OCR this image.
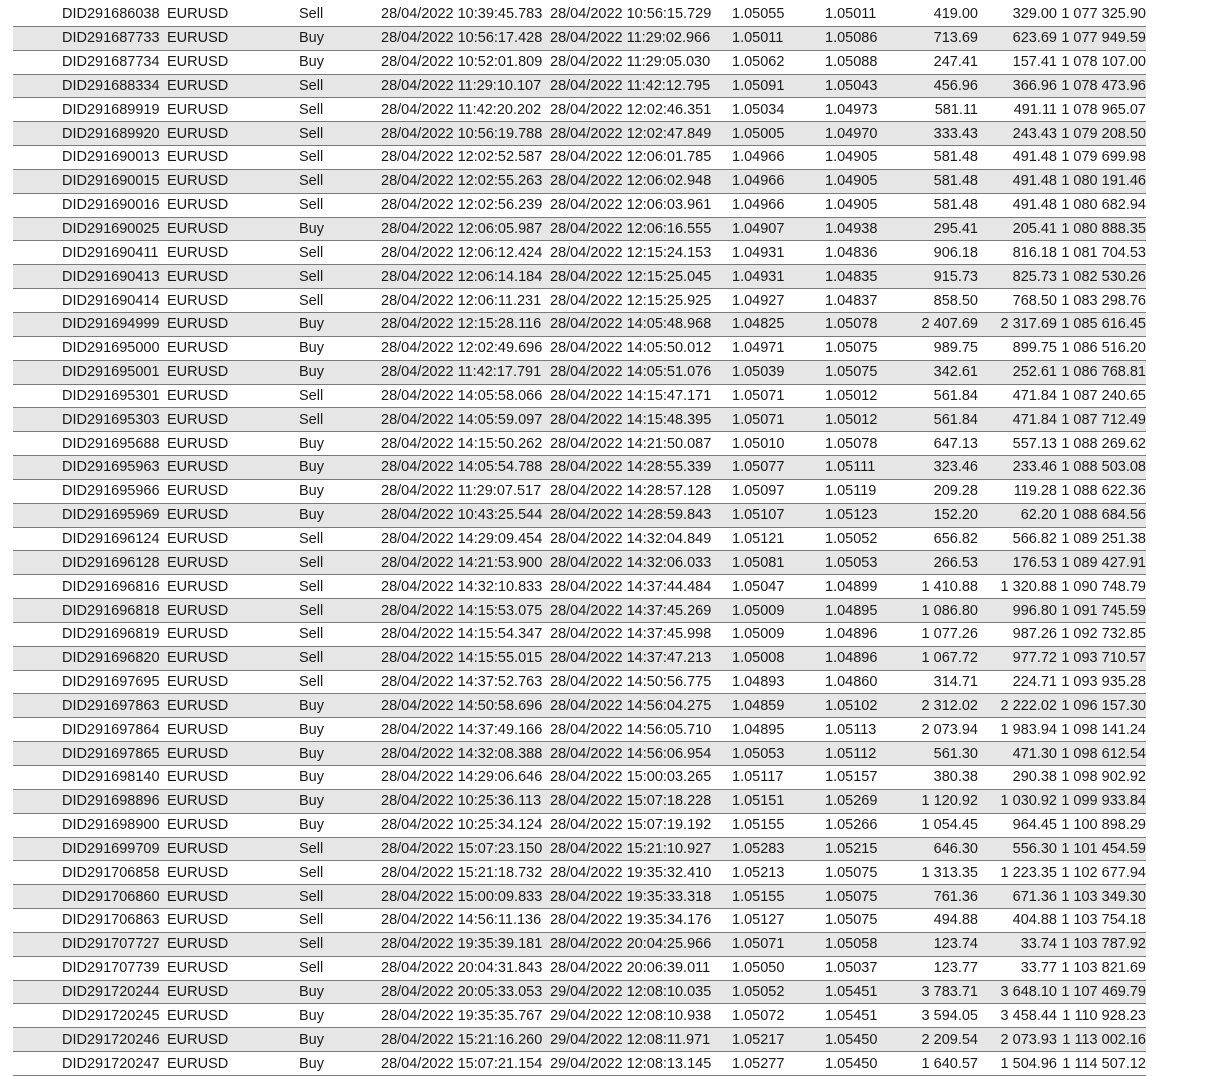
DID291686038	EURUSD	Sell	28/04/2022 10:39:45.783	28/04/2022 10:56:15.729	1.05055	1.05011	419.00	329.00	1 077 325.90
DID291687733	EURUSD	Buy	28/04/2022 10:56:17.428	28/04/2022 11:29:02.966	1.05011	1.05086	713.69	623.69	1 077 949.59
DID291687734	EURUSD	Buy	28/04/2022 10:52:01.809	28/04/2022 11:29:05.030	1.05062	1.05088	247.41	157.41	1 078 107.00
DID291688334	EURUSD	Sell	28/04/2022 11:29:10.107	28/04/2022 11:42:12.795	1.05091	1.05043	456.96	366.96	1 078 473.96
DID291689919	EURUSD	Sell	28/04/2022 11:42:20.202	28/04/2022 12:02:46.351	1.05034	1.04973	581.11	491.11	1 078 965.07
DID291689920	EURUSD	Sell	28/04/2022 10:56:19.788	28/04/2022 12:02:47.849	1.05005	1.04970	333.43	243.43	1 079 208.50
DID291690013	EURUSD	Sell	28/04/2022 12:02:52.587	28/04/2022 12:06:01.785	1.04966	1.04905	581.48	491.48	1 079 699.98
DID291690015	EURUSD	Sell	28/04/2022 12:02:55.263	28/04/2022 12:06:02.948	1.04966	1.04905	581.48	491.48	1 080 191.46
DID291690016	EURUSD	Sell	28/04/2022 12:02:56.239	28/04/2022 12:06:03.961	1.04966	1.04905	581.48	491.48	1 080 682.94
DID291690025	EURUSD	Buy	28/04/2022 12:06:05.987	28/04/2022 12:06:16.555	1.04907	1.04938	295.41	205.41	1 080 888.35
DID291690411	EURUSD	Sell	28/04/2022 12:06:12.424	28/04/2022 12:15:24.153	1.04931	1.04836	906.18	816.18	1 081 704.53
DID291690413	EURUSD	Sell	28/04/2022 12:06:14.184	28/04/2022 12:15:25.045	1.04931	1.04835	915.73	825.73	1 082 530.26
DID291690414	EURUSD	Sell	28/04/2022 12:06:11.231	28/04/2022 12:15:25.925	1.04927	1.04837	858.50	768.50	1 083 298.76
DID291694999	EURUSD	Buy	28/04/2022 12:15:28.116	28/04/2022 14:05:48.968	1.04825	1.05078	2 407.69	2 317.69	1 085 616.45
DID291695000	EURUSD	Buy	28/04/2022 12:02:49.696	28/04/2022 14:05:50.012	1.04971	1.05075	989.75	899.75	1 086 516.20
DID291695001	EURUSD	Buy	28/04/2022 11:42:17.791	28/04/2022 14:05:51.076	1.05039	1.05075	342.61	252.61	1 086 768.81
DID291695301	EURUSD	Sell	28/04/2022 14:05:58.066	28/04/2022 14:15:47.171	1.05071	1.05012	561.84	471.84	1 087 240.65
DID291695303	EURUSD	Sell	28/04/2022 14:05:59.097	28/04/2022 14:15:48.395	1.05071	1.05012	561.84	471.84	1 087 712.49
DID291695688	EURUSD	Buy	28/04/2022 14:15:50.262	28/04/2022 14:21:50.087	1.05010	1.05078	647.13	557.13	1 088 269.62
DID291695963	EURUSD	Buy	28/04/2022 14:05:54.788	28/04/2022 14:28:55.339	1.05077	1.05111	323.46	233.46	1 088 503.08
DID291695966	EURUSD	Buy	28/04/2022 11:29:07.517	28/04/2022 14:28:57.128	1.05097	1.05119	209.28	119.28	1 088 622.36
DID291695969	EURUSD	Buy	28/04/2022 10:43:25.544	28/04/2022 14:28:59.843	1.05107	1.05123	152.20	62.20	1 088 684.56
DID291696124	EURUSD	Sell	28/04/2022 14:29:09.454	28/04/2022 14:32:04.849	1.05121	1.05052	656.82	566.82	1 089 251.38
DID291696128	EURUSD	Sell	28/04/2022 14:21:53.900	28/04/2022 14:32:06.033	1.05081	1.05053	266.53	176.53	1 089 427.91
DID291696816	EURUSD	Sell	28/04/2022 14:32:10.833	28/04/2022 14:37:44.484	1.05047	1.04899	1 410.88	1 320.88	1 090 748.79
DID291696818	EURUSD	Sell	28/04/2022 14:15:53.075	28/04/2022 14:37:45.269	1.05009	1.04895	1 086.80	996.80	1 091 745.59
DID291696819	EURUSD	Sell	28/04/2022 14:15:54.347	28/04/2022 14:37:45.998	1.05009	1.04896	1 077.26	987.26	1 092 732.85
DID291696820	EURUSD	Sell	28/04/2022 14:15:55.015	28/04/2022 14:37:47.213	1.05008	1.04896	1 067.72	977.72	1 093 710.57
DID291697695	EURUSD	Sell	28/04/2022 14:37:52.763	28/04/2022 14:50:56.775	1.04893	1.04860	314.71	224.71	1 093 935.28
DID291697863	EURUSD	Buy	28/04/2022 14:50:58.696	28/04/2022 14:56:04.275	1.04859	1.05102	2 312.02	2 222.02	1 096 157.30
DID291697864	EURUSD	Buy	28/04/2022 14:37:49.166	28/04/2022 14:56:05.710	1.04895	1.05113	2 073.94	1 983.94	1 098 141.24
DID291697865	EURUSD	Buy	28/04/2022 14:32:08.388	28/04/2022 14:56:06.954	1.05053	1.05112	561.30	471.30	1 098 612.54
DID291698140	EURUSD	Buy	28/04/2022 14:29:06.646	28/04/2022 15:00:03.265	1.05117	1.05157	380.38	290.38	1 098 902.92
DID291698896	EURUSD	Buy	28/04/2022 10:25:36.113	28/04/2022 15:07:18.228	1.05151	1.05269	1 120.92	1 030.92	1 099 933.84
DID291698900	EURUSD	Buy	28/04/2022 10:25:34.124	28/04/2022 15:07:19.192	1.05155	1.05266	1 054.45	964.45	1 100 898.29
DID291699709	EURUSD	Sell	28/04/2022 15:07:23.150	28/04/2022 15:21:10.927	1.05283	1.05215	646.30	556.30	1 101 454.59
DID291706858	EURUSD	Sell	28/04/2022 15:21:18.732	28/04/2022 19:35:32.410	1.05213	1.05075	1 313.35	1 223.35	1 102 677.94
DID291706860	EURUSD	Sell	28/04/2022 15:00:09.833	28/04/2022 19:35:33.318	1.05155	1.05075	761.36	671.36	1 103 349.30
DID291706863	EURUSD	Sell	28/04/2022 14:56:11.136	28/04/2022 19:35:34.176	1.05127	1.05075	494.88	404.88	1 103 754.18
DID291707727	EURUSD	Sell	28/04/2022 19:35:39.181	28/04/2022 20:04:25.966	1.05071	1.05058	123.74	33.74	1 103 787.92
DID291707739	EURUSD	Sell	28/04/2022 20:04:31.843	28/04/2022 20:06:39.011	1.05050	1.05037	123.77	33.77	1 103 821.69
DID291720244	EURUSD	Buy	28/04/2022 20:05:33.053	29/04/2022 12:08:10.035	1.05052	1.05451	3 783.71	3 648.10	1 107 469.79
DID291720245	EURUSD	Buy	28/04/2022 19:35:35.767	29/04/2022 12:08:10.938	1.05072	1.05451	3 594.05	3 458.44	1 110 928.23
DID291720246	EURUSD	Buy	28/04/2022 15:21:16.260	29/04/2022 12:08:11.971	1.05217	1.05450	2 209.54	2 073.93	1 113 002.16
DID291720247	EURUSD	Buy	28/04/2022 15:07:21.154	29/04/2022 12:08:13.145	1.05277	1.05450	1 640.57	1 504.96	1 114 507.12
